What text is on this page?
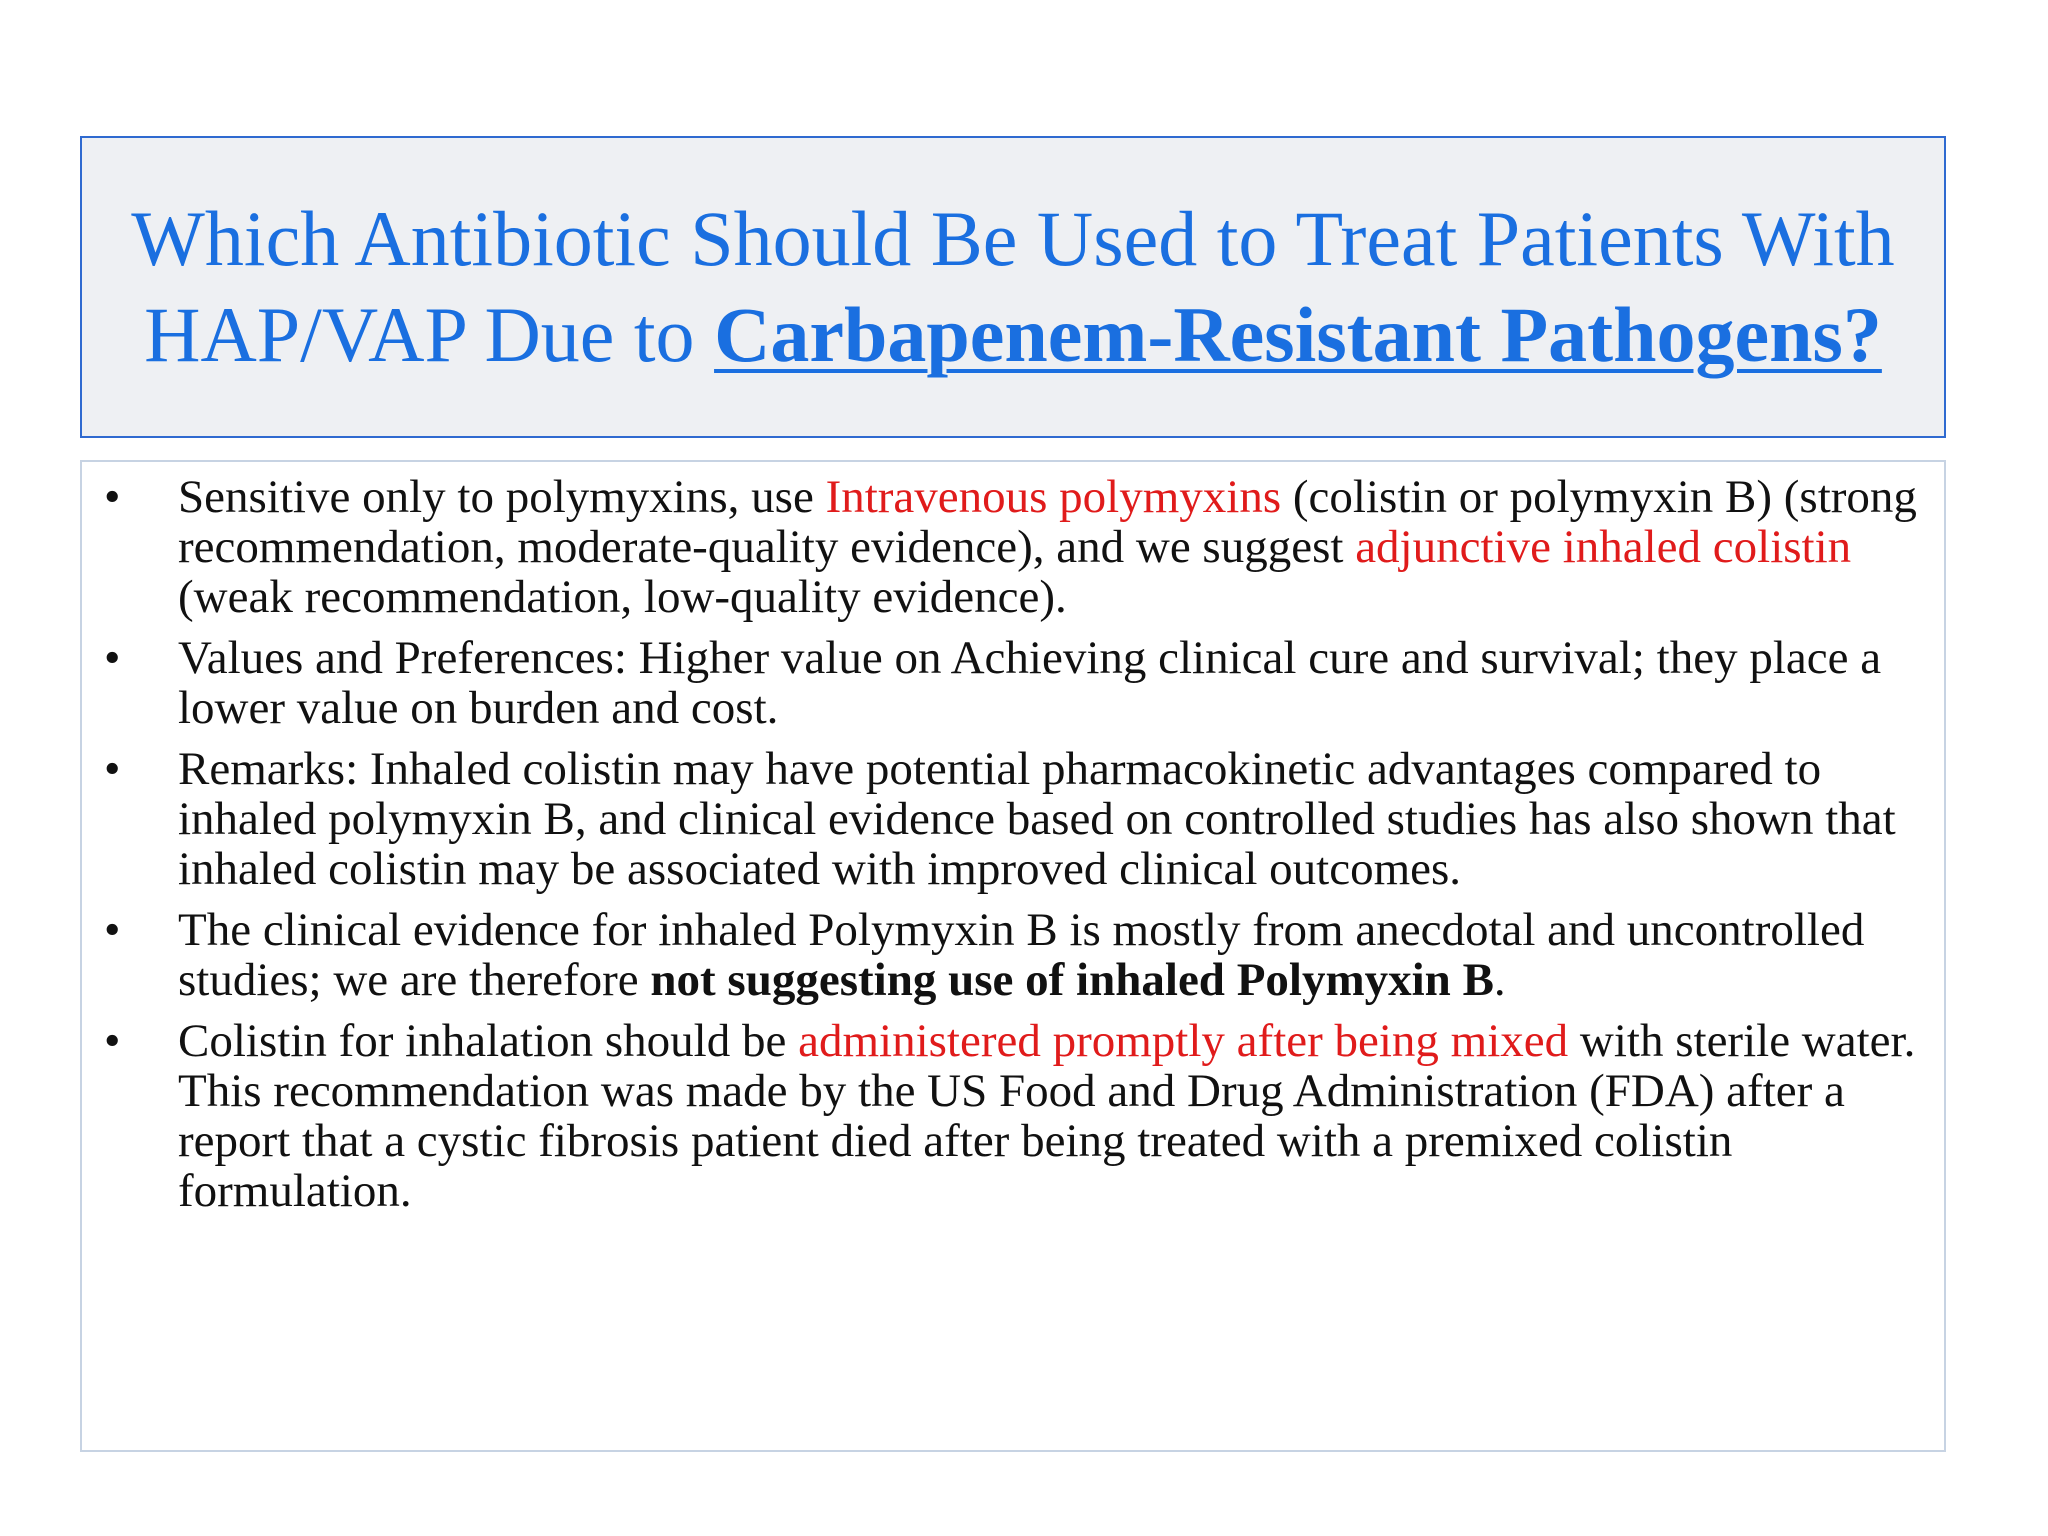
Which Antibiotic Should Be Used to Treat Patients With
HAP/VAP Due to Carbapenem-Resistant Pathogens?
•	Sensitive only to polymyxins, use Intravenous polymyxins (colistin or polymyxin B) (strong recommendation, moderate-quality evidence), and we suggest adjunctive inhaled colistin (weak recommendation, low-quality evidence).
•	Values and Preferences: Higher value on Achieving clinical cure and survival; they place a lower value on burden and cost.
•	Remarks: Inhaled colistin may have potential pharmacokinetic advantages compared to inhaled polymyxin B, and clinical evidence based on controlled studies has also shown that inhaled colistin may be associated with improved clinical outcomes.
•	The clinical evidence for inhaled Polymyxin B is mostly from anecdotal and uncontrolled studies; we are therefore not suggesting use of inhaled Polymyxin B.
•	Colistin for inhalation should be administered promptly after being mixed with sterile water. This recommendation was made by the US Food and Drug Administration (FDA) after a report that a cystic fibrosis patient died after being treated with a premixed colistin formulation.
